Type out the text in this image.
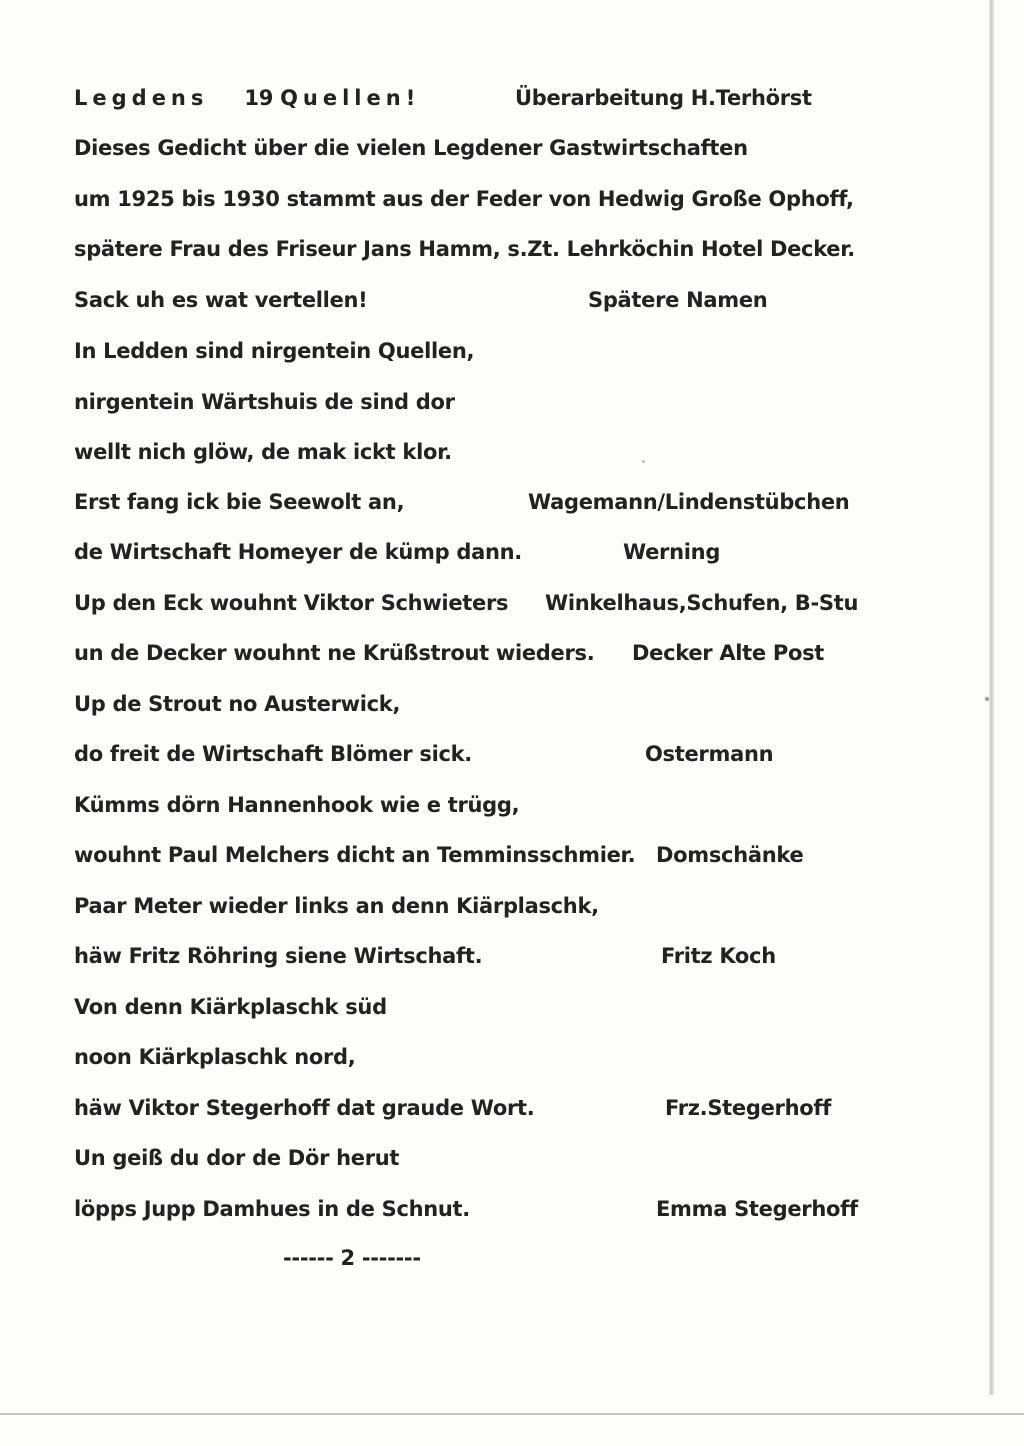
Legdens 19 Quellen!	Überarbeitung H.Terhörst
Dieses Gedicht über die vielen Legdener Gastwirtschaften
um 1925 bis 1930 stammt aus der Feder von Hedwig Große Ophoff,
spätere Frau des Friseur Jans Hamm, s.Zt. Lehrköchin Hotel Decker.
Sack uh es wat vertellen!	Spätere Namen
In Ledden sind nirgentein Quellen,
nirgentein Wärtshuis de sind dor
wellt nich glöw, de mak ickt klor.
Erst fang ick bie Seewolt an,
de Wirtschaft Homeyer de kümp dann.
Up den Eck wouhnt Viktor Schwieters
un de Decker wouhnt ne Krüßstrout wieders.
Up de Strout no Austerwick,
do freit de Wirtschaft Blömer sick.
Kümms dörn Hannenhook wie e trügg,
wouhnt Paul Melchers dicht an Temminsschmier.
Paar Meter wieder links an denn Kiärplaschk,
häw Fritz Röhring siene Wirtschaft.
Von denn Kiärkplaschk süd
noon Kiärkplaschk nord,
häw Viktor Stegerhoff dat graude Wort.
Un geiß du dor de Dör herut
löpps Jupp Damhues in de Schnut.
Wagemann/Lindenstübchen
Werning
Winkelhaus,Schufen, B-Stu
Decker Alte Post
Ostermann
Domschänke
Fritz Koch
Frz.Stegerhoff
Emma Stegerhoff
------ 2 -------
